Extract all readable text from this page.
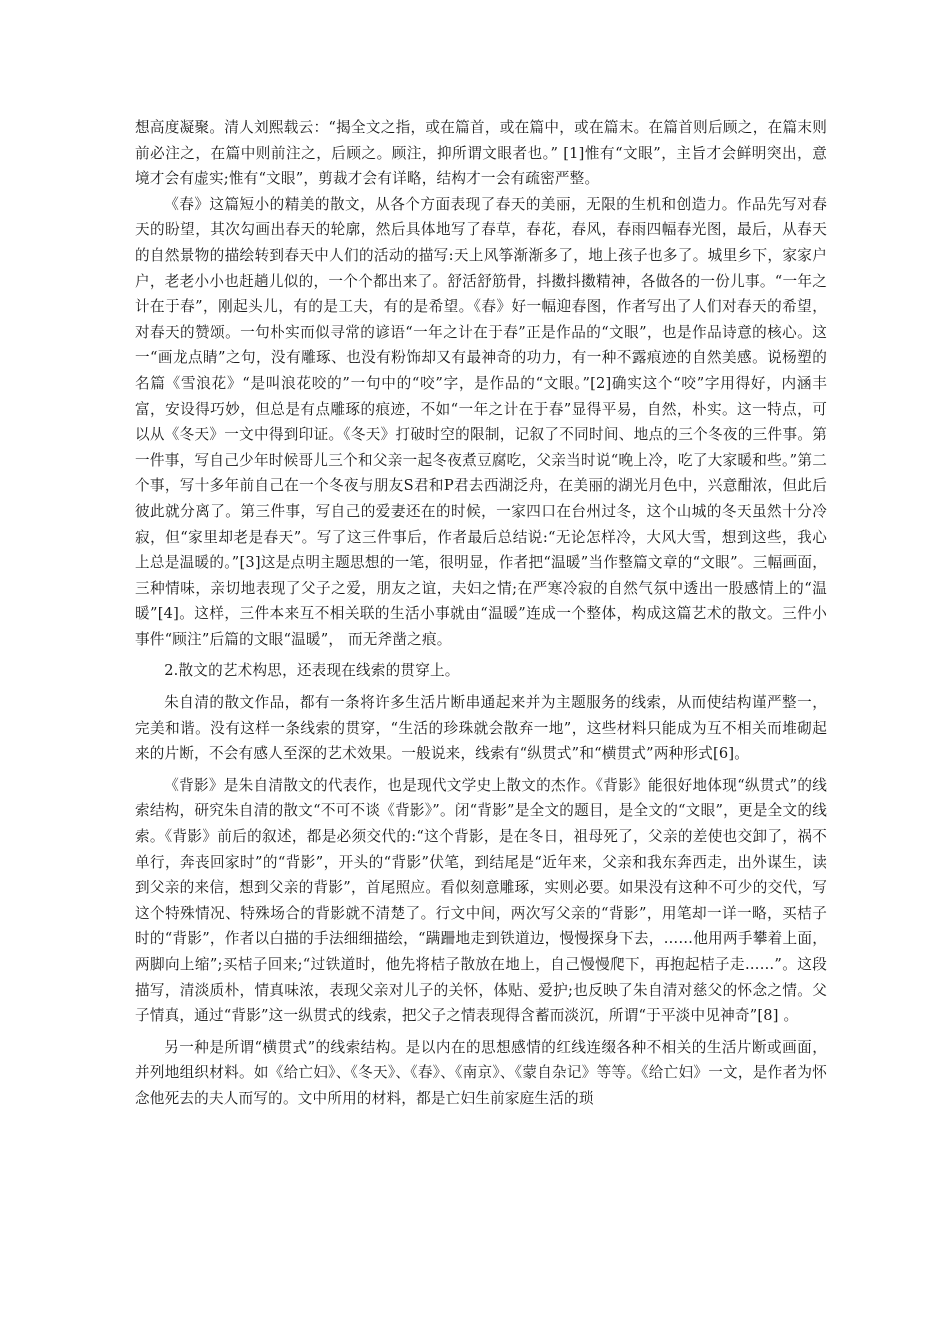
想高度凝聚。清人刘熙载云：“揭全文之指，或在篇首，或在篇中，或在篇末。在篇首则后顾之，在篇末则前必注之，在篇中则前注之，后顾之。顾注，抑所谓文眼者也。” [1]惟有“文眼”，主旨才会鲜明突出，意境才会有虚实;惟有“文眼”，剪裁才会有详略，结构才一会有疏密严整。

《春》这篇短小的精美的散文，从各个方面表现了春天的美丽，无限的生机和创造力。作品先写对春天的盼望，其次勾画出春天的轮廓，然后具体地写了春草，春花，春风，春雨四幅春光图，最后，从春天的自然景物的描绘转到春天中人们的活动的描写:天上风筝渐渐多了，地上孩子也多了。城里乡下，家家户户，老老小小也赶趟儿似的，一个个都出来了。舒活舒筋骨，抖擞抖擞精神，各做各的一份儿事。“一年之计在于春”，刚起头儿，有的是工夫，有的是希望。《春》好一幅迎春图，作者写出了人们对春天的希望，对春天的赞颂。一句朴实而似寻常的谚语“一年之计在于春”正是作品的“文眼”，也是作品诗意的核心。这一“画龙点睛”之句，没有雕琢、也没有粉饰却又有最神奇的功力，有一种不露痕迹的自然美感。说杨塑的名篇《雪浪花》“是叫浪花咬的”一句中的“咬”字，是作品的“文眼。”[2]确实这个“咬”字用得好，内涵丰富，安设得巧妙，但总是有点雕琢的痕迹，不如“一年之计在于春”显得平易，自然，朴实。这一特点，可以从《冬天》一文中得到印证。《冬天》打破时空的限制，记叙了不同时间、地点的三个冬夜的三件事。第一件事，写自己少年时候哥儿三个和父亲一起冬夜煮豆腐吃，父亲当时说“晚上冷，吃了大家暖和些。”第二个事，写十多年前自己在一个冬夜与朋友S君和P君去西湖泛舟，在美丽的湖光月色中，兴意酣浓，但此后彼此就分离了。第三件事，写自己的爱妻还在的时候，一家四口在台州过冬，这个山城的冬天虽然十分冷寂，但“家里却老是春天”。写了这三件事后，作者最后总结说:“无论怎样冷，大风大雪，想到这些，我心上总是温暖的。”[3]这是点明主题思想的一笔，很明显，作者把“温暖”当作整篇文章的“文眼”。三幅画面，三种情味，亲切地表现了父子之爱，朋友之谊，夫妇之情;在严寒冷寂的自然气氛中透出一股感情上的“温暖”[4]。这样，三件本来互不相关联的生活小事就由“温暖”连成一个整体，构成这篇艺术的散文。三件小事件“顾注”后篇的文眼“温暖”， 而无斧凿之痕。

2.散文的艺术构思，还表现在线索的贯穿上。

朱自清的散文作品，都有一条将许多生活片断串通起来并为主题服务的线索，从而使结构谨严整一，完美和谐。没有这样一条线索的贯穿，“生活的珍珠就会散弃一地”，这些材料只能成为互不相关而堆砌起来的片断，不会有感人至深的艺术效果。一般说来，线索有“纵贯式”和“横贯式”两种形式[6]。

《背影》是朱自清散文的代表作，也是现代文学史上散文的杰作。《背影》能很好地体现“纵贯式”的线索结构，研究朱自清的散文“不可不谈《背影》”。闭“背影”是全文的题目，是全文的“文眼”，更是全文的线索。《背影》前后的叙述，都是必须交代的:“这个背影，是在冬日，祖母死了，父亲的差使也交卸了，祸不单行，奔丧回家时”的“背影”，开头的“背影”伏笔，到结尾是“近年来，父亲和我东奔西走，出外谋生，读到父亲的来信，想到父亲的背影”，首尾照应。看似刻意雕琢，实则必要。如果没有这种不可少的交代，写这个特殊情况、特殊场合的背影就不清楚了。行文中间，两次写父亲的“背影”，用笔却一详一略，买桔子时的“背影”，作者以白描的手法细细描绘，“蹒跚地走到铁道边，慢慢探身下去，……他用两手攀着上面，两脚向上缩”;买桔子回来;“过铁道时，他先将桔子散放在地上，自己慢慢爬下，再抱起桔子走……”。这段描写，清淡质朴，情真味浓，表现父亲对儿子的关怀，体贴、爱护;也反映了朱自清对慈父的怀念之情。父子情真，通过“背影”这一纵贯式的线索，把父子之情表现得含蓄而淡沉，所谓“于平淡中见神奇”[8] 。

另一种是所谓“横贯式”的线索结构。是以内在的思想感情的红线连缀各种不相关的生活片断或画面，并列地组织材料。如《给亡妇》、《冬天》、《春》、《南京》、《蒙自杂记》等等。《给亡妇》一文，是作者为怀念他死去的夫人而写的。文中所用的材料，都是亡妇生前家庭生活的琐
